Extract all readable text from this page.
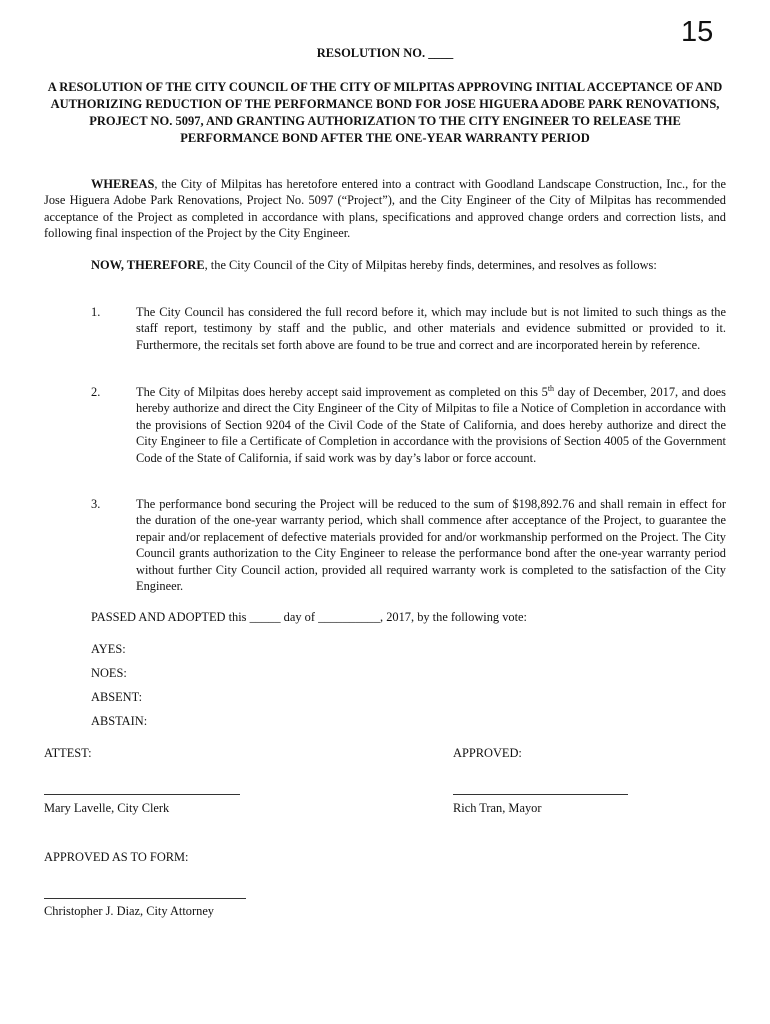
15
RESOLUTION NO. ____
A RESOLUTION OF THE CITY COUNCIL OF THE CITY OF MILPITAS APPROVING INITIAL ACCEPTANCE OF AND AUTHORIZING REDUCTION OF THE PERFORMANCE BOND FOR JOSE HIGUERA ADOBE PARK RENOVATIONS, PROJECT NO. 5097, AND GRANTING AUTHORIZATION TO THE CITY ENGINEER TO RELEASE THE PERFORMANCE BOND AFTER THE ONE-YEAR WARRANTY PERIOD
WHEREAS, the City of Milpitas has heretofore entered into a contract with Goodland Landscape Construction, Inc., for the Jose Higuera Adobe Park Renovations, Project No. 5097 (“Project”), and the City Engineer of the City of Milpitas has recommended acceptance of the Project as completed in accordance with plans, specifications and approved change orders and correction lists, and following final inspection of the Project by the City Engineer.
NOW, THEREFORE, the City Council of the City of Milpitas hereby finds, determines, and resolves as follows:
1.	The City Council has considered the full record before it, which may include but is not limited to such things as the staff report, testimony by staff and the public, and other materials and evidence submitted or provided to it. Furthermore, the recitals set forth above are found to be true and correct and are incorporated herein by reference.
2.	The City of Milpitas does hereby accept said improvement as completed on this 5th day of December, 2017, and does hereby authorize and direct the City Engineer of the City of Milpitas to file a Notice of Completion in accordance with the provisions of Section 9204 of the Civil Code of the State of California, and does hereby authorize and direct the City Engineer to file a Certificate of Completion in accordance with the provisions of Section 4005 of the Government Code of the State of California, if said work was by day’s labor or force account.
3.	The performance bond securing the Project will be reduced to the sum of $198,892.76 and shall remain in effect for the duration of the one-year warranty period, which shall commence after acceptance of the Project, to guarantee the repair and/or replacement of defective materials provided for and/or workmanship performed on the Project. The City Council grants authorization to the City Engineer to release the performance bond after the one-year warranty period without further City Council action, provided all required warranty work is completed to the satisfaction of the City Engineer.
PASSED AND ADOPTED this _____ day of __________, 2017, by the following vote:
AYES:
NOES:
ABSENT:
ABSTAIN:
ATTEST:	APPROVED:
Mary Lavelle, City Clerk	Rich Tran, Mayor
APPROVED AS TO FORM:
Christopher J. Diaz, City Attorney
